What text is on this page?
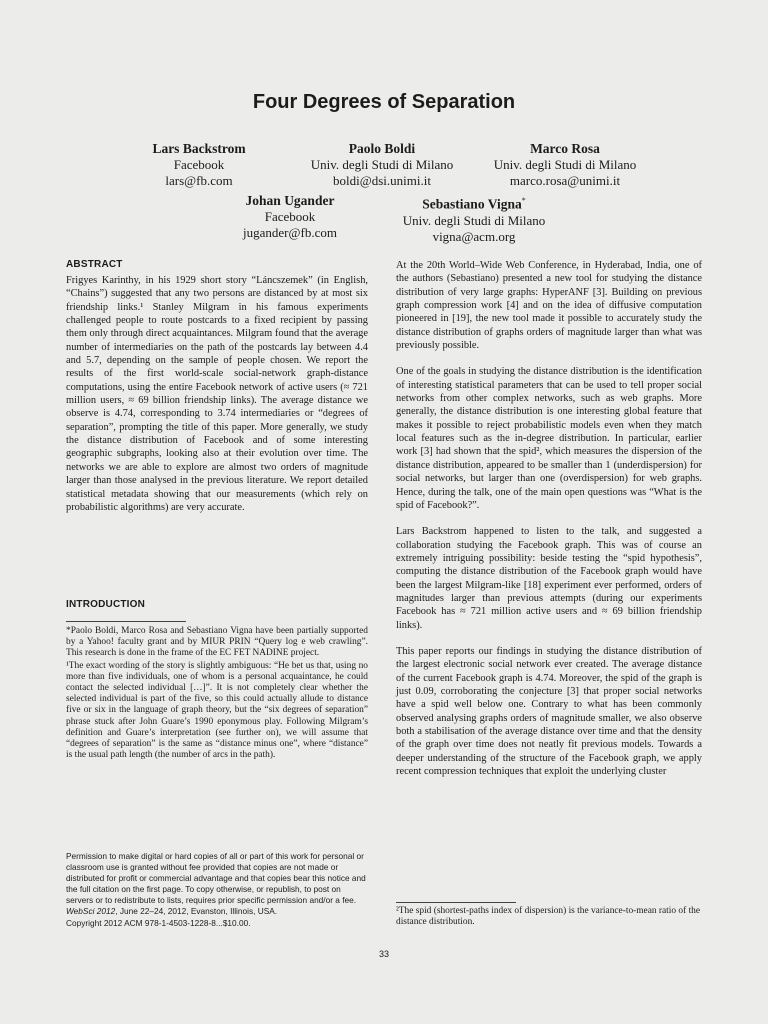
Four Degrees of Separation
Lars Backstrom
Facebook
lars@fb.com
Paolo Boldi
Univ. degli Studi di Milano
boldi@dsi.unimi.it
Marco Rosa
Univ. degli Studi di Milano
marco.rosa@unimi.it
Johan Ugander
Facebook
jugander@fb.com
Sebastiano Vigna*
Univ. degli Studi di Milano
vigna@acm.org
ABSTRACT

Frigyes Karinthy, in his 1929 short story “Láncszemek” (in English, “Chains”) suggested that any two persons are distanced by at most six friendship links.¹ Stanley Milgram in his famous experiments challenged people to route postcards to a fixed recipient by passing them only through direct acquaintances. Milgram found that the average number of intermediaries on the path of the postcards lay between 4.4 and 5.7, depending on the sample of people chosen. We report the results of the first world-scale social-network graph-distance computations, using the entire Facebook network of active users (≈ 721 million users, ≈ 69 billion friendship links). The average distance we observe is 4.74, corresponding to 3.74 intermediaries or “degrees of separation”, prompting the title of this paper. More generally, we study the distance distribution of Facebook and of some interesting geographic subgraphs, looking also at their evolution over time. The networks we are able to explore are almost two orders of magnitude larger than those analysed in the previous literature. We report detailed statistical metadata showing that our measurements (which rely on probabilistic algorithms) are very accurate.

INTRODUCTION

*Paolo Boldi, Marco Rosa and Sebastiano Vigna have been partially supported by a Yahoo! faculty grant and by MIUR PRIN “Query log e web crawling”. This research is done in the frame of the EC FET NADINE project.

¹The exact wording of the story is slightly ambiguous: “He bet us that, using no more than five individuals, one of whom is a personal acquaintance, he could contact the selected individual […]”. It is not completely clear whether the selected individual is part of the five, so this could actually allude to distance five or six in the language of graph theory, but the “six degrees of separation” phrase stuck after John Guare’s 1990 eponymous play. Following Milgram’s definition and Guare’s interpretation (see further on), we will assume that “degrees of separation” is the same as “distance minus one”, where “distance” is the usual path length (the number of arcs in the path).

Permission to make digital or hard copies of all or part of this work for personal or classroom use is granted without fee provided that copies are not made or distributed for profit or commercial advantage and that copies bear this notice and the full citation on the first page. To copy otherwise, or republish, to post on servers or to redistribute to lists, requires prior specific permission and/or a fee.

WebSci 2012, June 22–24, 2012, Evanston, Illinois, USA.

Copyright 2012 ACM 978-1-4503-1228-8...$10.00.

At the 20th World–Wide Web Conference, in Hyderabad, India, one of the authors (Sebastiano) presented a new tool for studying the distance distribution of very large graphs: HyperANF [3]. Building on previous graph compression work [4] and on the idea of diffusive computation pioneered in [19], the new tool made it possible to accurately study the distance distribution of graphs orders of magnitude larger than what was previously possible.

One of the goals in studying the distance distribution is the identification of interesting statistical parameters that can be used to tell proper social networks from other complex networks, such as web graphs. More generally, the distance distribution is one interesting global feature that makes it possible to reject probabilistic models even when they match local features such as the in-degree distribution. In particular, earlier work [3] had shown that the spid², which measures the dispersion of the distance distribution, appeared to be smaller than 1 (underdispersion) for social networks, but larger than one (overdispersion) for web graphs. Hence, during the talk, one of the main open questions was “What is the spid of Facebook?”.

Lars Backstrom happened to listen to the talk, and suggested a collaboration studying the Facebook graph. This was of course an extremely intriguing possibility: beside testing the “spid hypothesis”, computing the distance distribution of the Facebook graph would have been the largest Milgram-like [18] experiment ever performed, orders of magnitudes larger than previous attempts (during our experiments Facebook has ≈ 721 million active users and ≈ 69 billion friendship links).

This paper reports our findings in studying the distance distribution of the largest electronic social network ever created. The average distance of the current Facebook graph is 4.74. Moreover, the spid of the graph is just 0.09, corroborating the conjecture [3] that proper social networks have a spid well below one. Contrary to what has been commonly observed analysing graphs orders of magnitude smaller, we also observe both a stabilisation of the average distance over time and that the density of the graph over time does not neatly fit previous models. Towards a deeper understanding of the structure of the Facebook graph, we apply recent compression techniques that exploit the underlying cluster

²The spid (shortest-paths index of dispersion) is the variance-to-mean ratio of the distance distribution.
33
